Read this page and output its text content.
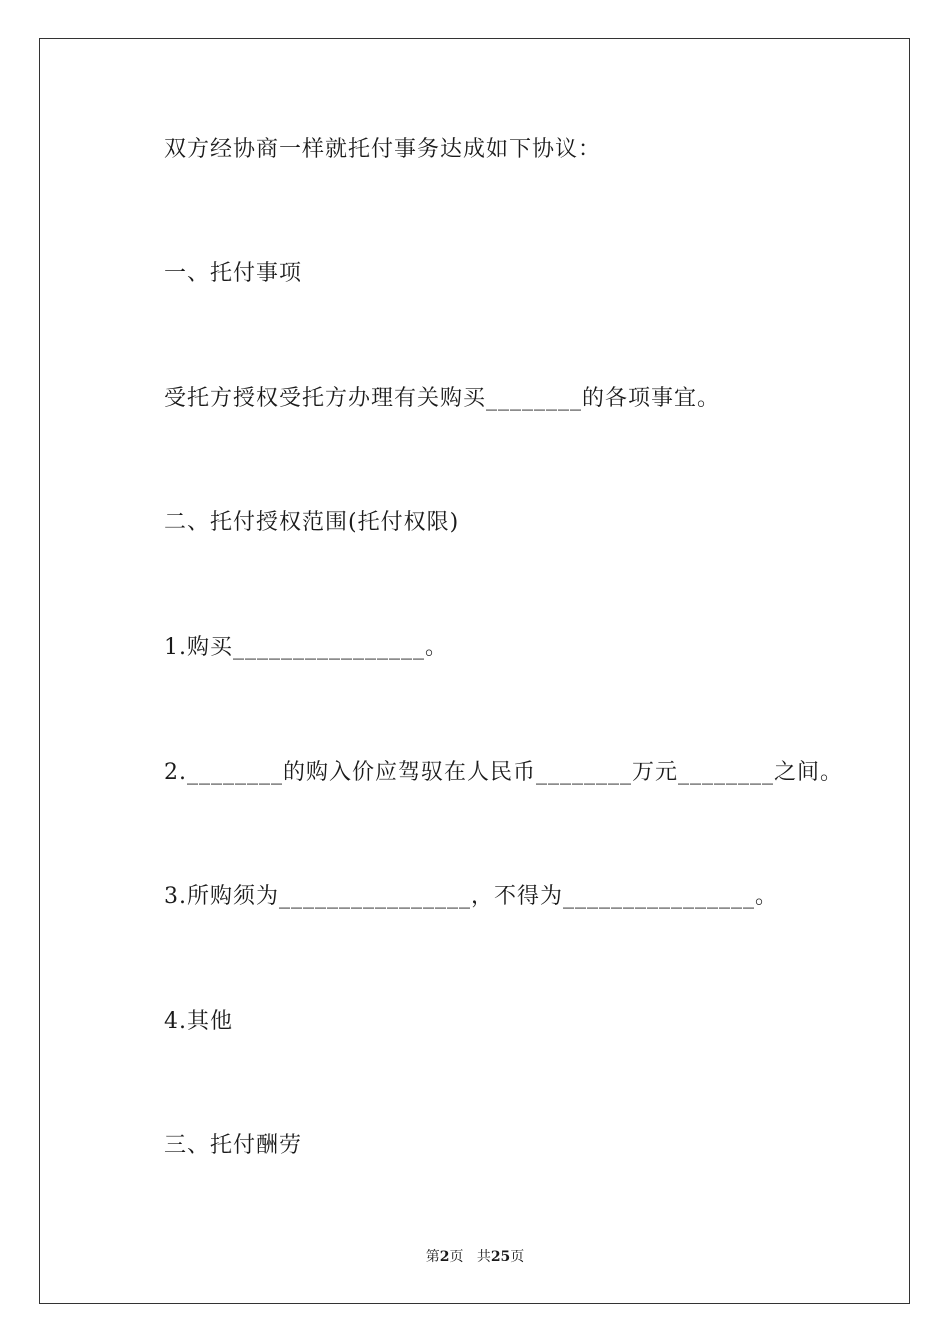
双方经协商一样就托付事务达成如下协议：
一、托付事项
受托方授权受托方办理有关购买________的各项事宜。
二、托付授权范围(托付权限)
1.购买________________。
2.________的购入价应驾驭在人民币________万元________之间。
3.所购须为________________，不得为________________。
4.其他
三、托付酬劳
第2页 共25页
